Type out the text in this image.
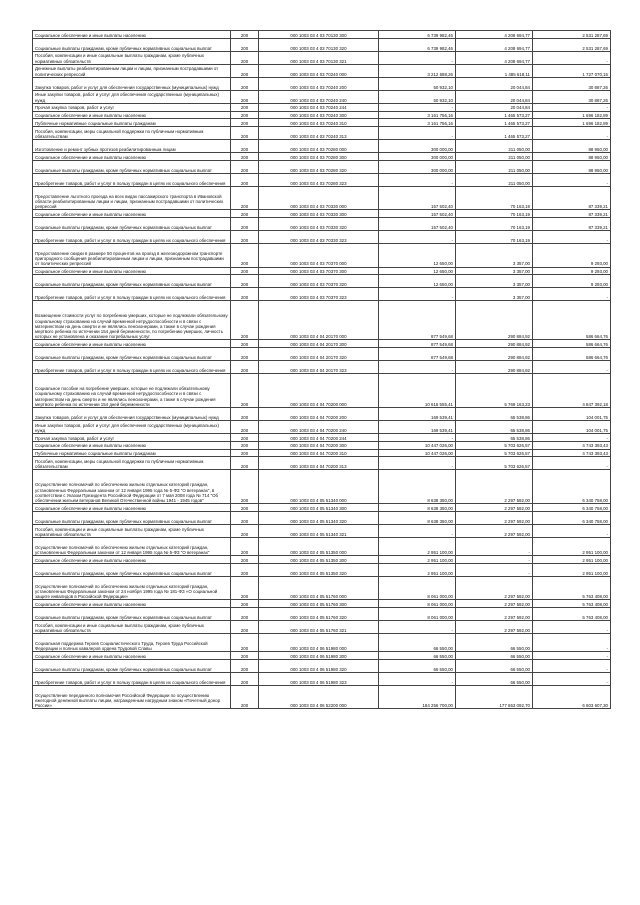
Социальное обеспечение и иные выплаты населению	200	000 1003 03 4 03 70130 300	6 739 982,46	4 208 694,77	2 531 287,69
Социальные выплаты гражданам, кроме публичных нормативных социальных выплат	200	000 1003 03 4 03 70130 320	6 739 982,46	4 208 694,77	2 531 287,69
Пособия, компенсации и иные социальные выплаты гражданам, кроме публичных нормативных обязательств	200	000 1003 03 4 03 70130 321	-	4 208 694,77	-
Денежные выплаты реабилитированным лицам и лицам, признанным пострадавшими от политических репрессий	200	000 1003 03 4 03 70240 000	3 212 688,26	1 485 618,11	1 727 070,15
Закупка товаров, работ и услуг для обеспечения государственных (муниципальных) нужд	200	000 1003 03 4 03 70240 200	50 932,10	20 044,84	30 887,26
Иные закупки товаров, работ и услуг для обеспечения государственных (муниципальных) нужд	200	000 1003 03 4 03 70240 240	50 932,10	20 044,84	30 887,26
Прочая закупка товаров, работ и услуг	200	000 1003 03 4 03 70240 244	-	20 044,84	-
Социальное обеспечение и иные выплаты населению	200	000 1003 03 4 03 70240 300	3 161 756,16	1 465 573,27	1 696 182,89
Публичные нормативные социальные выплаты гражданам	200	000 1003 03 4 03 70240 310	3 161 756,16	1 465 573,27	1 696 182,89
Пособия, компенсации, меры социальной поддержки по публичным нормативным обязательствам	200	000 1003 03 4 03 70240 313	-	1 465 573,27	-
Изготовление и ремонт зубных протезов реабилитированным лицам	200	000 1003 03 4 03 70280 000	300 000,00	211 050,00	88 950,00
Социальное обеспечение и иные выплаты населению	200	000 1003 03 4 03 70280 300	300 000,00	211 050,00	88 950,00
Социальные выплаты гражданам, кроме публичных нормативных социальных выплат	200	000 1003 03 4 03 70280 320	300 000,00	211 050,00	88 950,00
Приобретение товаров, работ и услуг в пользу граждан в целях их социального обеспечения	200	000 1003 03 4 03 70280 323	-	211 050,00	-
Предоставление льготного проезда на всех видах пассажирского транспорта в Ивановской области реабилитированным лицам и лицам, признанным пострадавшими от политических репрессий	200	000 1003 03 4 03 70330 000	157 502,40	70 163,19	87 339,21
Социальное обеспечение и иные выплаты населению	200	000 1003 03 4 03 70330 300	157 502,40	70 163,19	87 339,21
Социальные выплаты гражданам, кроме публичных нормативных социальных выплат	200	000 1003 03 4 03 70330 320	157 502,40	70 163,19	87 339,21
Приобретение товаров, работ и услуг в пользу граждан в целях их социального обеспечения	200	000 1003 03 4 03 70330 323	-	70 163,19	-
Предоставление скидки в размере 50 процентов на проезд в железнодорожном транспорте пригородного сообщения реабилитированным лицам и лицам, признанным пострадавшими от политических репрессий	200	000 1003 03 4 03 70370 000	12 650,00	3 357,00	9 293,00
Социальное обеспечение и иные выплаты населению	200	000 1003 03 4 03 70370 300	12 650,00	3 357,00	9 293,00
Социальные выплаты гражданам, кроме публичных нормативных социальных выплат	200	000 1003 03 4 03 70370 320	12 650,00	3 357,00	9 293,00
Приобретение товаров, работ и услуг в пользу граждан в целях их социального обеспечения	200	000 1003 03 4 03 70370 323	-	3 357,00	-
Возмещение стоимости услуг по погребению умерших, которые не подлежали обязательному социальному страхованию на случай временной нетрудоспособности и в связи с материнством на день смерти и не являлись пенсионерами, а также в случае рождения мертвого ребенка по истечении 154 дней беременности, по погребению умерших, личность которых не установлена и оказание погребальных услуг	200	000 1003 03 4 04 20170 000	877 549,68	290 884,92	586 664,76
Социальное обеспечение и иные выплаты населению	200	000 1003 03 4 04 20170 300	877 549,68	290 884,92	586 664,76
Социальные выплаты гражданам, кроме публичных нормативных социальных выплат	200	000 1003 03 4 04 20170 320	877 549,68	290 884,92	586 664,76
Приобретение товаров, работ и услуг в пользу граждан в целях их социального обеспечения	200	000 1003 03 4 04 20170 323	-	290 884,92	-
Социальное пособие на погребение умерших, которые не подлежали обязательному социальному страхованию на случай временной нетрудоспособности и в связи с материнством на день смерти и не являлись пенсионерами, а также в случае рождения мертвого ребенка по истечении 154 дней беременности	200	000 1003 03 4 04 70200 000	10 616 555,41	5 769 163,23	4 847 392,18
Закупка товаров, работ и услуг для обеспечения государственных (муниципальных) нужд	200	000 1003 03 4 04 70200 200	169 539,41	65 538,86	104 001,75
Иные закупки товаров, работ и услуг для обеспечения государственных (муниципальных) нужд	200	000 1003 03 4 04 70200 240	169 539,41	65 538,86	104 001,75
Прочая закупка товаров, работ и услуг	200	000 1003 03 4 04 70200 244	-	65 538,86	-
Социальное обеспечение и иные выплаты населению	200	000 1003 03 4 04 70200 300	10 447 026,00	5 703 626,57	4 743 393,43
Публичные нормативные социальные выплаты гражданам	200	000 1003 03 4 04 70200 310	10 447 026,00	5 703 626,57	4 743 393,43
Пособия, компенсации, меры социальной поддержки по публичным нормативным обязательствам	200	000 1003 03 4 04 70200 313	-	5 703 626,57	-
Осуществление полномочий по обеспечению жильем отдельных категорий граждан, установленных Федеральным законом от 12 января 1995 года № 5-ФЗ "О ветеранах", в соответствии с Указом Президента Российской Федерации от 7 мая 2008 года № 714 "Об обеспечении жильем ветеранов Великой Отечественной войны 1941 - 1945 годов"	200	000 1003 03 4 05 51340 000	8 638 350,00	2 297 592,00	6 340 758,00
Социальное обеспечение и иные выплаты населению	200	000 1003 03 4 05 51340 300	8 638 350,00	2 297 592,00	6 340 758,00
Социальные выплаты гражданам, кроме публичных нормативных социальных выплат	200	000 1003 03 4 05 51340 320	8 638 350,00	2 297 592,00	6 340 758,00
Пособия, компенсации и иные социальные выплаты гражданам, кроме публичных нормативных обязательств	200	000 1003 03 4 05 51340 321	-	2 297 592,00	-
Осуществление полномочий по обеспечению жильем отдельных категорий граждан, установленных Федеральным законом от 12 января 1995 года № 5-ФЗ "О ветеранах"	200	000 1003 03 4 05 51350 000	2 951 100,00	-	2 951 100,00
Социальное обеспечение и иные выплаты населению	200	000 1003 03 4 05 51350 300	2 951 100,00	-	2 951 100,00
Социальные выплаты гражданам, кроме публичных нормативных социальных выплат	200	000 1003 03 4 05 51350 320	2 951 100,00	-	2 951 100,00
Осуществление полномочий по обеспечению жильем отдельных категорий граждан, установленных Федеральным законом от 24 ноября 1995 года № 181-ФЗ «О социальной защите инвалидов в Российской Федерации»	200	000 1003 03 4 05 51760 000	8 061 000,00	2 297 592,00	5 763 408,00
Социальное обеспечение и иные выплаты населению	200	000 1003 03 4 05 51760 300	8 061 000,00	2 297 592,00	5 763 408,00
Социальные выплаты гражданам, кроме публичных нормативных социальных выплат	200	000 1003 03 4 05 51760 320	8 061 000,00	2 297 592,00	5 763 408,00
Пособия, компенсации и иные социальные выплаты гражданам, кроме публичных нормативных обязательств	200	000 1003 03 4 05 51760 321	-	2 297 592,00	-
Социальная поддержка Героев Социалистического Труда, Героев Труда Российской Федерации и полных кавалеров ордена Трудовой Славы	200	000 1003 03 4 06 51980 000	66 550,00	66 550,00	-
Социальное обеспечение и иные выплаты населению	200	000 1003 03 4 06 51980 300	66 550,00	66 550,00	-
Социальные выплаты гражданам, кроме публичных нормативных социальных выплат	200	000 1003 03 4 06 51980 320	66 550,00	66 550,00	-
Приобретение товаров, работ и услуг в пользу граждан в целях их социального обеспечения	200	000 1003 03 4 06 51980 323	-	66 550,00	-
Осуществление переданного полномочия Российской Федерации по осуществлению ежегодной денежной выплаты лицам, награжденным нагрудным знаком «Почетный донор России»	200	000 1003 03 4 06 52200 000	184 256 700,00	177 653 092,70	6 603 607,30
